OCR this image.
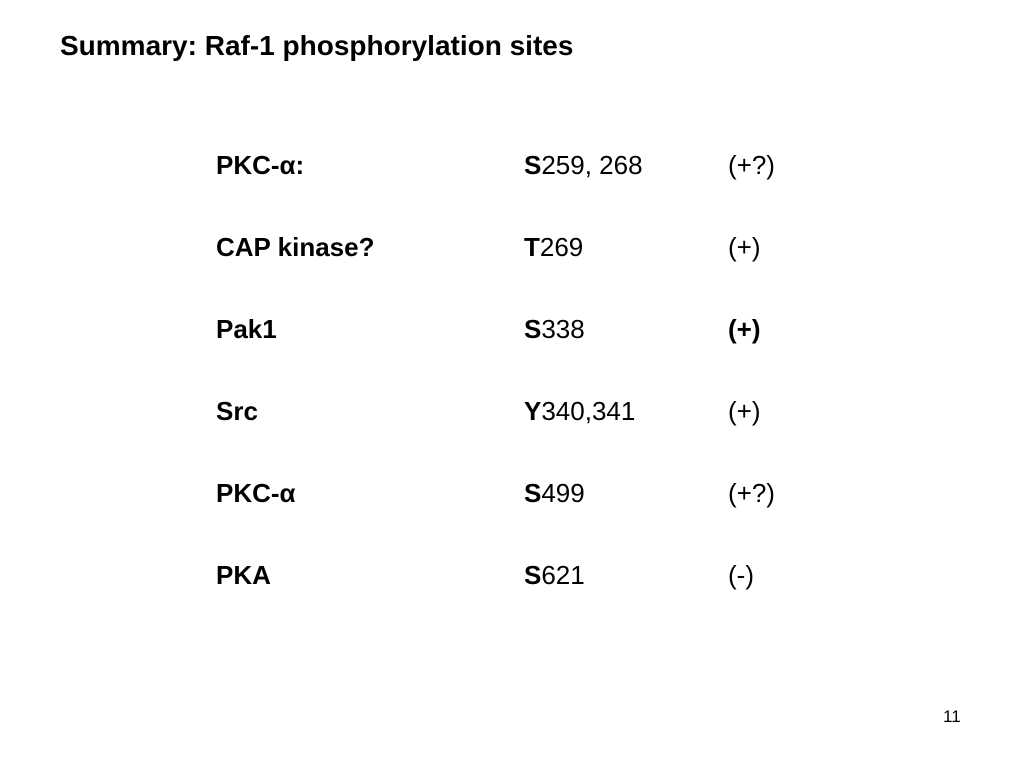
Summary: Raf-1 phosphorylation sites
PKC-α:	S259, 268	(+?)
CAP kinase?	T269	(+)
Pak1	S338	(+)
Src	Y340,341	(+)
PKC-α	S499	(+?)
PKA	S621	(-)
11
